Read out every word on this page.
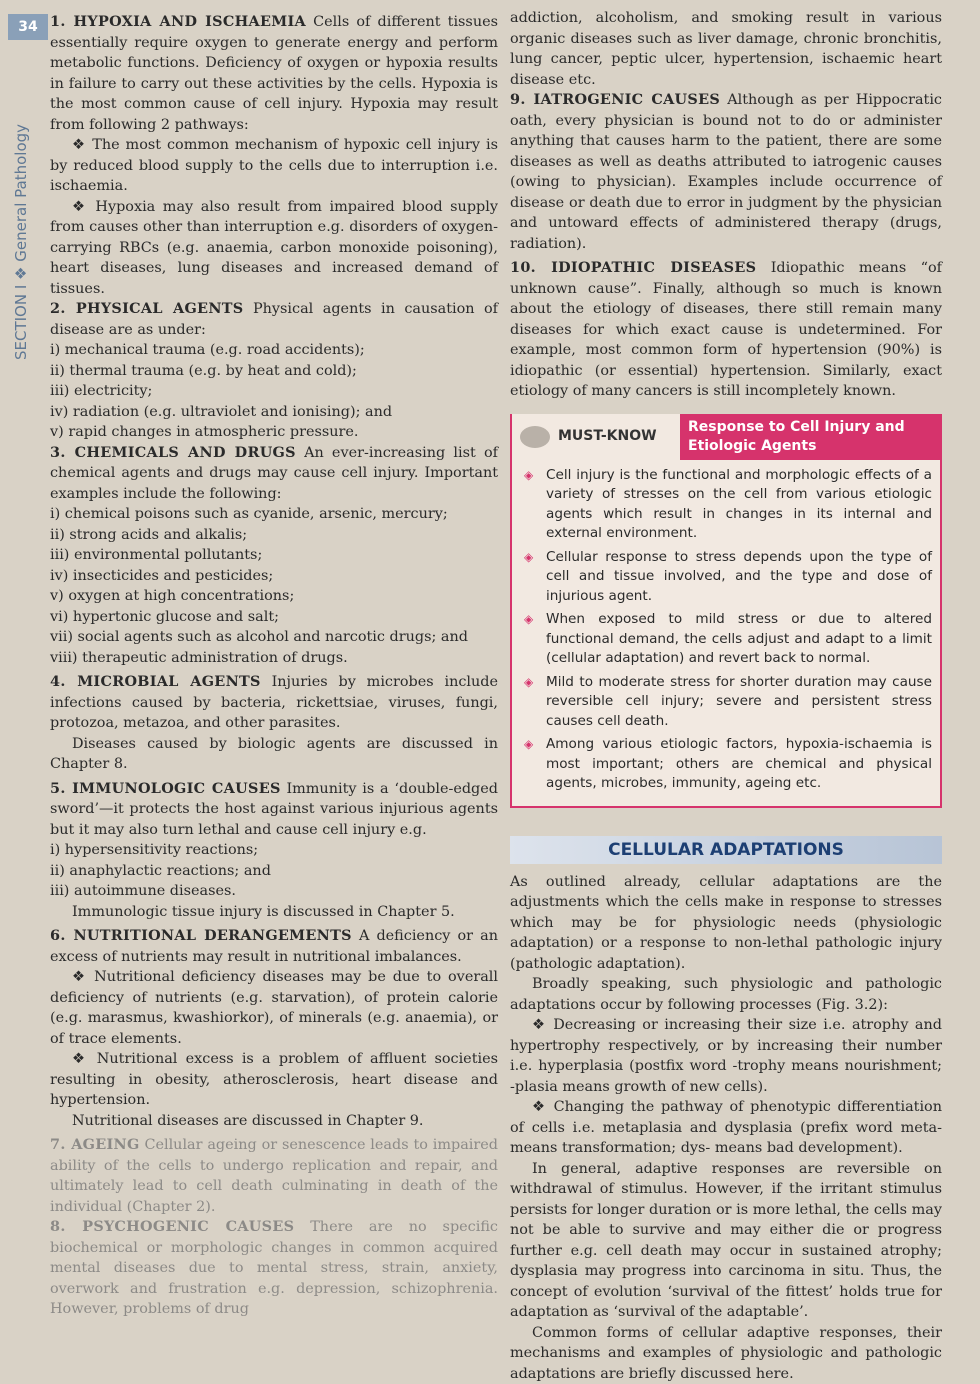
34
SECTION I ❖ General Pathology

1. HYPOXIA AND ISCHAEMIA Cells of different tissues essentially require oxygen to generate energy and perform metabolic functions. Deficiency of oxygen or hypoxia results in failure to carry out these activities by the cells. Hypoxia is the most common cause of cell injury. Hypoxia may result from following 2 pathways:

❖ The most common mechanism of hypoxic cell injury is by reduced blood supply to the cells due to interruption i.e. ischaemia.

❖ Hypoxia may also result from impaired blood supply from causes other than interruption e.g. disorders of oxygen-carrying RBCs (e.g. anaemia, carbon monoxide poisoning), heart diseases, lung diseases and increased demand of tissues.

2. PHYSICAL AGENTS Physical agents in causation of disease are as under:

i) mechanical trauma (e.g. road accidents);

ii) thermal trauma (e.g. by heat and cold);

iii) electricity;

iv) radiation (e.g. ultraviolet and ionising); and

v) rapid changes in atmospheric pressure.

3. CHEMICALS AND DRUGS An ever-increasing list of chemical agents and drugs may cause cell injury. Important examples include the following:

i) chemical poisons such as cyanide, arsenic, mercury;

ii) strong acids and alkalis;

iii) environmental pollutants;

iv) insecticides and pesticides;

v) oxygen at high concentrations;

vi) hypertonic glucose and salt;

vii) social agents such as alcohol and narcotic drugs; and

viii) therapeutic administration of drugs.

4. MICROBIAL AGENTS Injuries by microbes include infections caused by bacteria, rickettsiae, viruses, fungi, protozoa, metazoa, and other parasites.

Diseases caused by biologic agents are discussed in Chapter 8.

5. IMMUNOLOGIC CAUSES Immunity is a ‘double-edged sword’—it protects the host against various injurious agents but it may also turn lethal and cause cell injury e.g.

i) hypersensitivity reactions;

ii) anaphylactic reactions; and

iii) autoimmune diseases.

Immunologic tissue injury is discussed in Chapter 5.

6. NUTRITIONAL DERANGEMENTS A deficiency or an excess of nutrients may result in nutritional imbalances.

❖ Nutritional deficiency diseases may be due to overall deficiency of nutrients (e.g. starvation), of protein calorie (e.g. marasmus, kwashiorkor), of minerals (e.g. anaemia), or of trace elements.

❖ Nutritional excess is a problem of affluent societies resulting in obesity, atherosclerosis, heart disease and hypertension.

Nutritional diseases are discussed in Chapter 9.

7. AGEING Cellular ageing or senescence leads to impaired ability of the cells to undergo replication and repair, and ultimately lead to cell death culminating in death of the individual (Chapter 2).

8. PSYCHOGENIC CAUSES There are no specific biochemical or morphologic changes in common acquired mental diseases due to mental stress, strain, anxiety, overwork and frustration e.g. depression, schizophrenia. However, problems of drug

addiction, alcoholism, and smoking result in various organic diseases such as liver damage, chronic bronchitis, lung cancer, peptic ulcer, hypertension, ischaemic heart disease etc.

9. IATROGENIC CAUSES Although as per Hippocratic oath, every physician is bound not to do or administer anything that causes harm to the patient, there are some diseases as well as deaths attributed to iatrogenic causes (owing to physician). Examples include occurrence of disease or death due to error in judgment by the physician and untoward effects of administered therapy (drugs, radiation).

10. IDIOPATHIC DISEASES Idiopathic means “of unknown cause”. Finally, although so much is known about the etiology of diseases, there still remain many diseases for which exact cause is undetermined. For example, most common form of hypertension (90%) is idiopathic (or essential) hypertension. Similarly, exact etiology of many cancers is still incompletely known.

MUST-KNOW
Response to Cell Injury and Etiologic Agents
◈ Cell injury is the functional and morphologic effects of a variety of stresses on the cell from various etiologic agents which result in changes in its internal and external environment.
◈ Cellular response to stress depends upon the type of cell and tissue involved, and the type and dose of injurious agent.
◈ When exposed to mild stress or due to altered functional demand, the cells adjust and adapt to a limit (cellular adaptation) and revert back to normal.
◈ Mild to moderate stress for shorter duration may cause reversible cell injury; severe and persistent stress causes cell death.
◈ Among various etiologic factors, hypoxia-ischaemia is most important; others are chemical and physical agents, microbes, immunity, ageing etc.
CELLULAR ADAPTATIONS

As outlined already, cellular adaptations are the adjustments which the cells make in response to stresses which may be for physiologic needs (physiologic adaptation) or a response to non-lethal pathologic injury (pathologic adaptation).

Broadly speaking, such physiologic and pathologic adaptations occur by following processes (Fig. 3.2):

❖ Decreasing or increasing their size i.e. atrophy and hypertrophy respectively, or by increasing their number i.e. hyperplasia (postfix word -trophy means nourishment; -plasia means growth of new cells).

❖ Changing the pathway of phenotypic differentiation of cells i.e. metaplasia and dysplasia (prefix word meta- means transformation; dys- means bad development).

In general, adaptive responses are reversible on withdrawal of stimulus. However, if the irritant stimulus persists for longer duration or is more lethal, the cells may not be able to survive and may either die or progress further e.g. cell death may occur in sustained atrophy; dysplasia may progress into carcinoma in situ. Thus, the concept of evolution ‘survival of the fittest’ holds true for adaptation as ‘survival of the adaptable’.

Common forms of cellular adaptive responses, their mechanisms and examples of physiologic and pathologic adaptations are briefly discussed here.
